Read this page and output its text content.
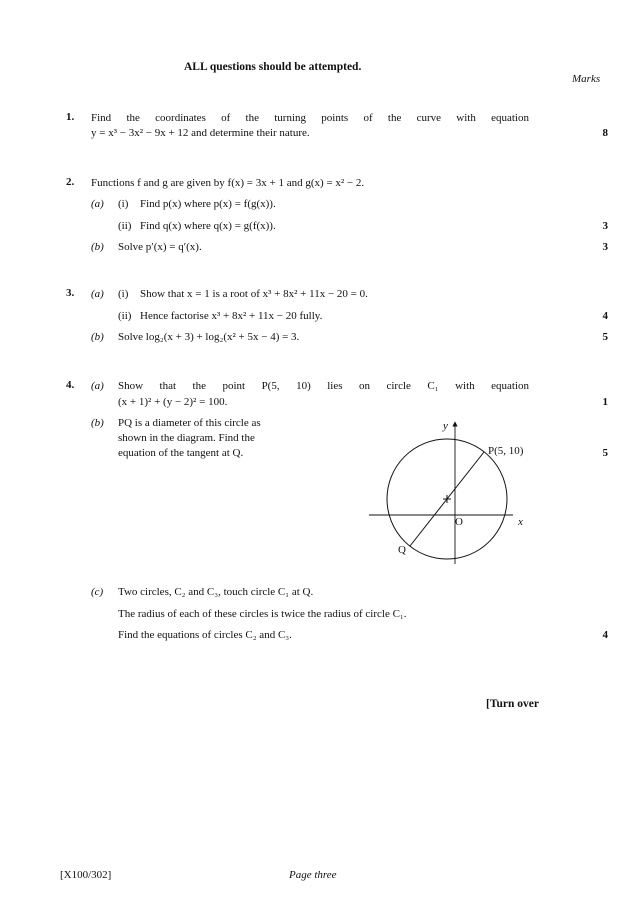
ALL questions should be attempted.
Marks
1. Find the coordinates of the turning points of the curve with equation
y = x³ − 3x² − 9x + 12 and determine their nature.	8
2. Functions f and g are given by f(x) = 3x + 1 and g(x) = x² − 2.
(a) (i) Find p(x) where p(x) = f(g(x)).
(ii) Find q(x) where q(x) = g(f(x)).	3
(b) Solve p′(x) = q′(x).	3
3. (a) (i) Show that x = 1 is a root of x³ + 8x² + 11x − 20 = 0.
(ii) Hence factorise x³ + 8x² + 11x − 20 fully.	4
(b) Solve log₂(x + 3) + log₂(x² + 5x − 4) = 3.	5
4. (a) Show that the point P(5, 10) lies on circle C₁ with equation
(x + 1)² + (y − 2)² = 100.	1
(b) PQ is a diameter of this circle as
shown in the diagram. Find the
equation of the tangent at Q.	5
y
x
O
P(5, 10)
Q
(c) Two circles, C₂ and C₃, touch circle C₁ at Q.
The radius of each of these circles is twice the radius of circle C₁.
Find the equations of circles C₂ and C₃.	4
[Turn over
[X100/302]	Page three
